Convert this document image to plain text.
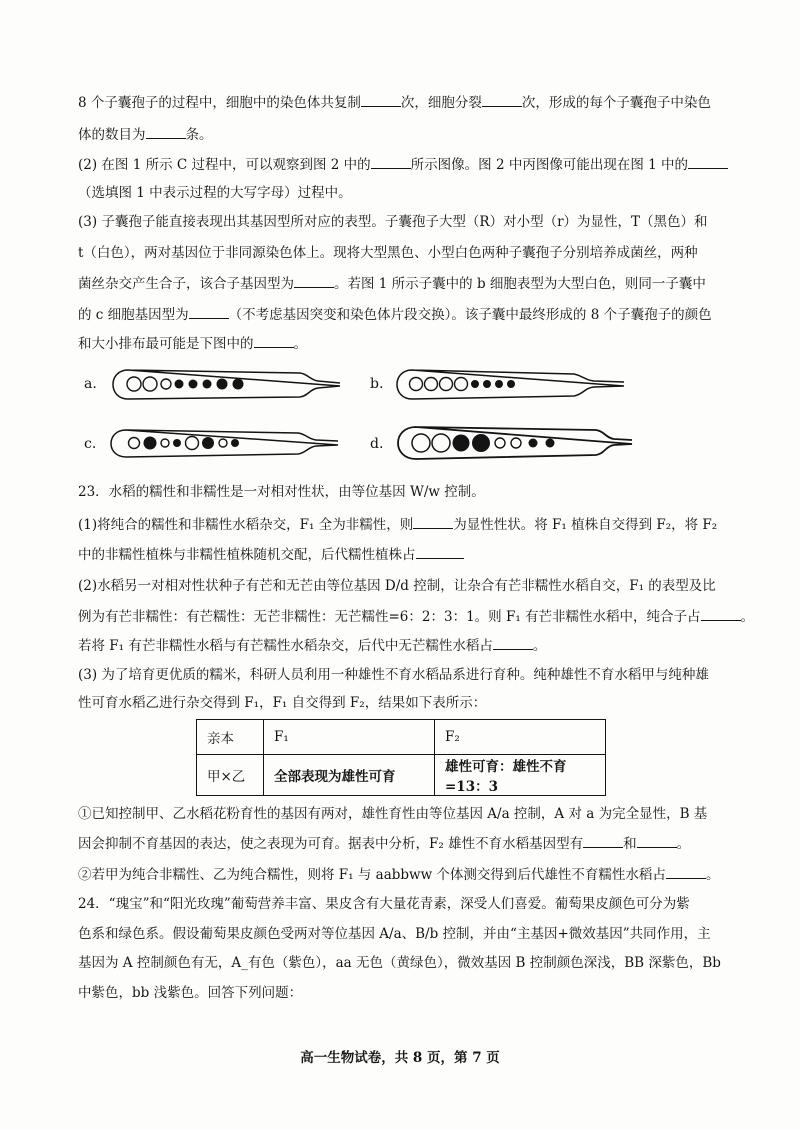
8 个子囊孢子的过程中，细胞中的染色体共复制	次，细胞分裂	次，形成的每个子囊孢子中染色
体的数目为	条。
(2) 在图 1 所示 C 过程中，可以观察到图 2 中的	所示图像。图 2 中丙图像可能出现在图 1 中的
（选填图 1 中表示过程的大写字母）过程中。
(3) 子囊孢子能直接表现出其基因型所对应的表型。子囊孢子大型（R）对小型（r）为显性，T（黑色）和
t（白色），两对基因位于非同源染色体上。现将大型黑色、小型白色两种子囊孢子分别培养成菌丝，两种
菌丝杂交产生合子，该合子基因型为	。若图 1 所示子囊中的 b 细胞表型为大型白色，则同一子囊中
的 c 细胞基因型为	（不考虑基因突变和染色体片段交换）。该子囊中最终形成的 8 个子囊孢子的颜色
和大小排布最可能是下图中的	。
a.	b.
c.	d.
23．水稻的糯性和非糯性是一对相对性状，由等位基因 W/w 控制。
(1)将纯合的糯性和非糯性水稻杂交，F₁ 全为非糯性，则	为显性性状。将 F₁ 植株自交得到 F₂，将 F₂
中的非糯性植株与非糯性植株随机交配，后代糯性植株占
(2)水稻另一对相对性状种子有芒和无芒由等位基因 D/d 控制，让杂合有芒非糯性水稻自交，F₁ 的表型及比
例为有芒非糯性：有芒糯性：无芒非糯性：无芒糯性=6：2：3：1。则 F₁ 有芒非糯性水稻中，纯合子占	。
若将 F₁ 有芒非糯性水稻与有芒糯性水稻杂交，后代中无芒糯性水稻占	。
(3) 为了培育更优质的糯米，科研人员利用一种雄性不育水稻品系进行育种。纯种雄性不育水稻甲与纯种雄
性可育水稻乙进行杂交得到 F₁，F₁ 自交得到 F₂，结果如下表所示：
亲本	F₁	F₂
甲×乙	全部表现为雄性可育	雄性可育：雄性不育=13：3
①已知控制甲、乙水稻花粉育性的基因有两对，雄性育性由等位基因 A/a 控制，A 对 a 为完全显性，B 基
因会抑制不育基因的表达，使之表现为可育。据表中分析，F₂ 雄性不育水稻基因型有	和	。
②若甲为纯合非糯性、乙为纯合糯性，则将 F₁ 与 aabbww 个体测交得到后代雄性不育糯性水稻占	。
24．“瑰宝”和“阳光玫瑰”葡萄营养丰富、果皮含有大量花青素，深受人们喜爱。葡萄果皮颜色可分为紫
色系和绿色系。假设葡萄果皮颜色受两对等位基因 A/a、B/b 控制，并由“主基因+微效基因”共同作用，主
基因为 A 控制颜色有无，A_有色（紫色），aa 无色（黄绿色），微效基因 B 控制颜色深浅，BB 深紫色，Bb
中紫色，bb 浅紫色。回答下列问题：
高一生物试卷，共 8 页，第 7 页
